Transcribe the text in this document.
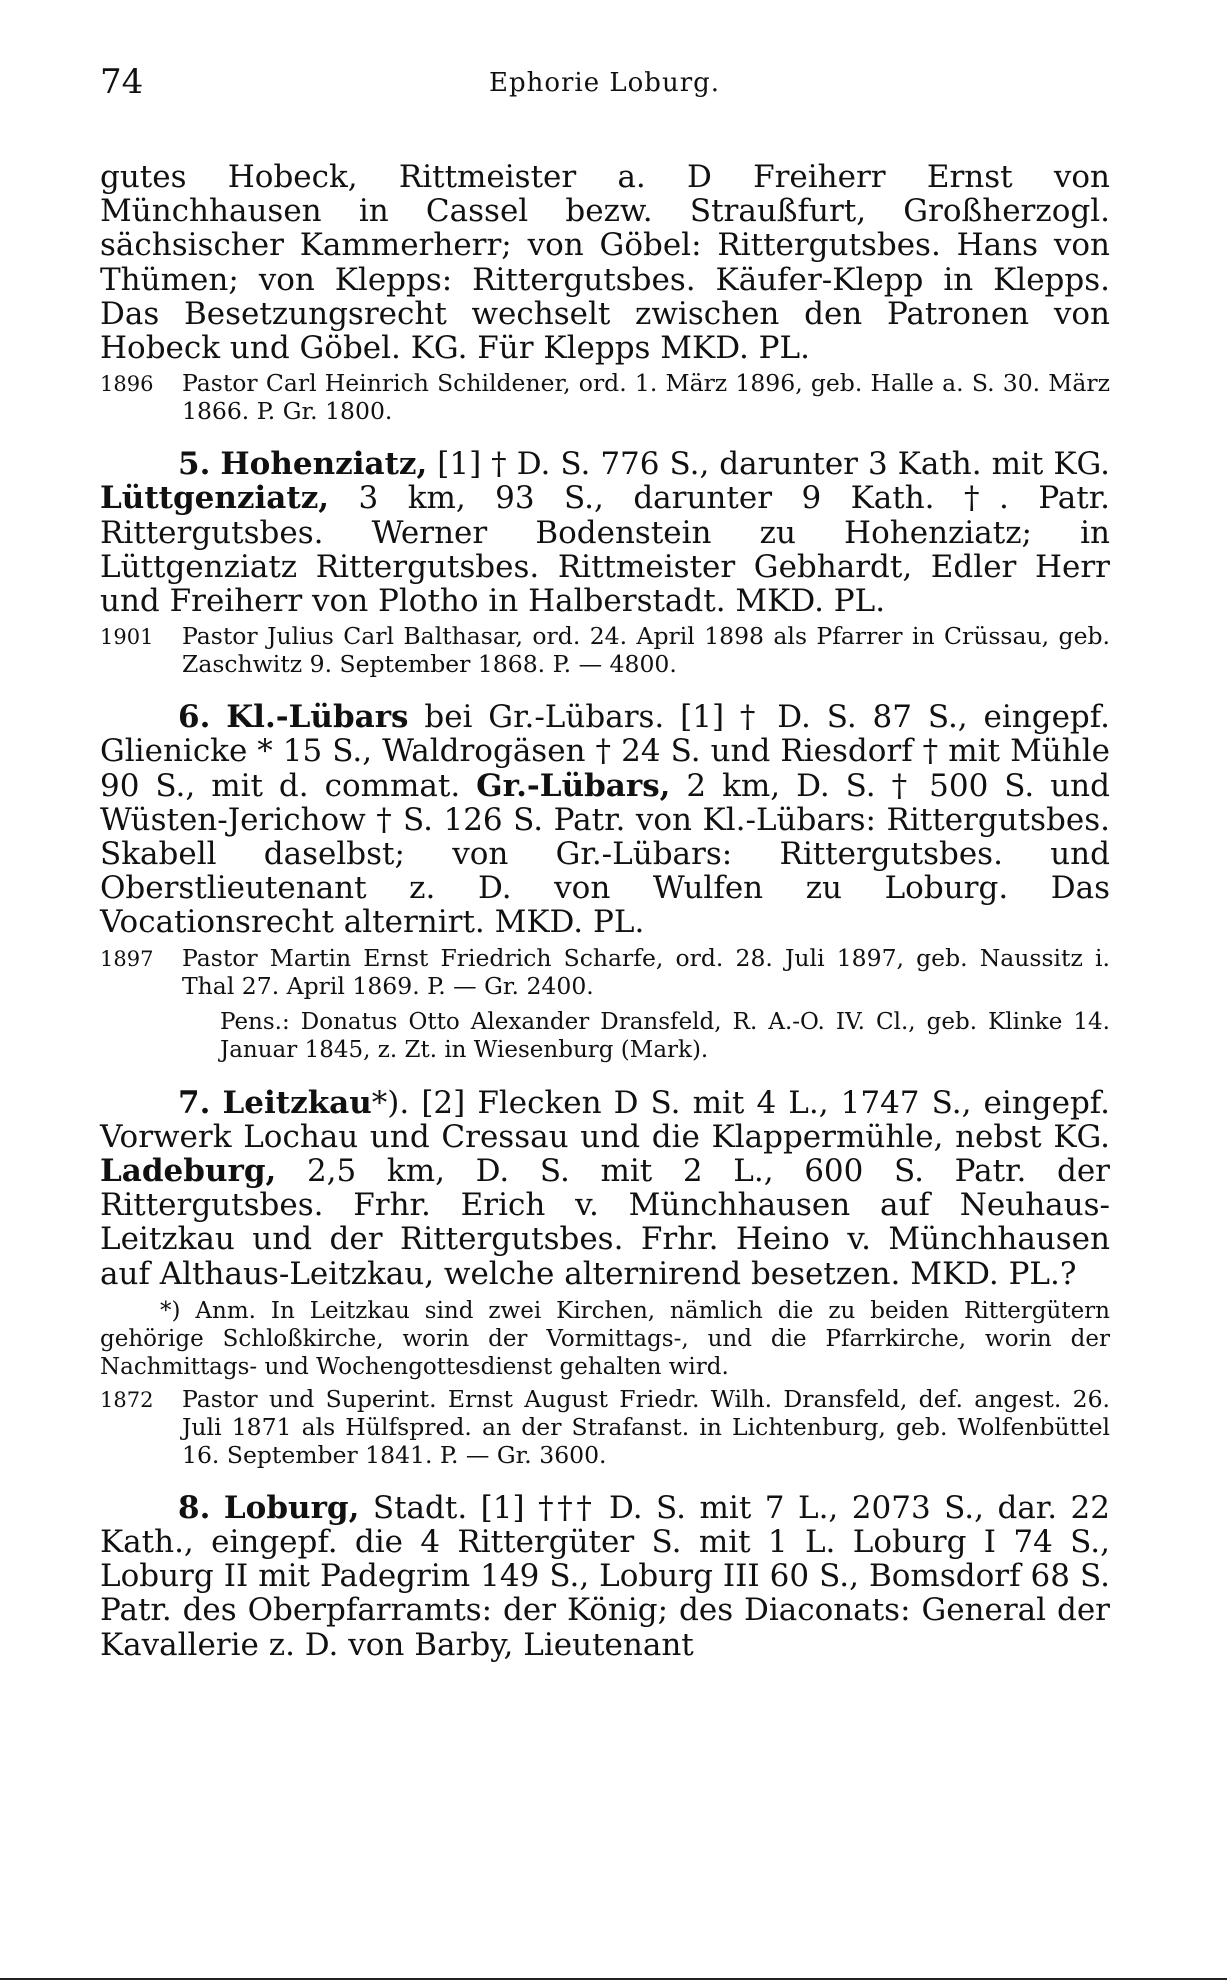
74	Ephorie Loburg.

gutes Hobeck, Rittmeister a. D Freiherr Ernst von Münchhausen in Cassel bezw. Straußfurt, Großherzogl. sächsischer Kammerherr; von Göbel: Rittergutsbes. Hans von Thümen; von Klepps: Rittergutsbes. Käufer-Klepp in Klepps. Das Besetzungsrecht wechselt zwischen den Patronen von Hobeck und Göbel. KG. Für Klepps MKD. PL.

1896	Pastor Carl Heinrich Schildener, ord. 1. März 1896, geb. Halle a. S. 30. März 1866. P. Gr. 1800.

5. Hohenziatz, [1] † D. S. 776 S., darunter 3 Kath. mit KG. Lüttgenziatz, 3 km, 93 S., darunter 9 Kath. †. Patr. Rittergutsbes. Werner Bodenstein zu Hohenziatz; in Lüttgenziatz Rittergutsbes. Rittmeister Gebhardt, Edler Herr und Freiherr von Plotho in Halberstadt. MKD. PL.

1901	Pastor Julius Carl Balthasar, ord. 24. April 1898 als Pfarrer in Crüssau, geb. Zaschwitz 9. September 1868. P. — 4800.

6. Kl.-Lübars bei Gr.-Lübars. [1] † D. S. 87 S., eingepf. Glienicke * 15 S., Waldrogäsen † 24 S. und Riesdorf † mit Mühle 90 S., mit d. commat. Gr.-Lübars, 2 km, D. S. † 500 S. und Wüsten-Jerichow † S. 126 S. Patr. von Kl.-Lübars: Rittergutsbes. Skabell daselbst; von Gr.-Lübars: Rittergutsbes. und Oberstlieutenant z. D. von Wulfen zu Loburg. Das Vocationsrecht alternirt. MKD. PL.

1897	Pastor Martin Ernst Friedrich Scharfe, ord. 28. Juli 1897, geb. Naussitz i. Thal 27. April 1869. P. — Gr. 2400.
Pens.: Donatus Otto Alexander Dransfeld, R. A.-O. IV. Cl., geb. Klinke 14. Januar 1845, z. Zt. in Wiesenburg (Mark).

7. Leitzkau*). [2] Flecken D S. mit 4 L., 1747 S., eingepf. Vorwerk Lochau und Cressau und die Klappermühle, nebst KG. Ladeburg, 2,5 km, D. S. mit 2 L., 600 S. Patr. der Rittergutsbes. Frhr. Erich v. Münchhausen auf Neuhaus-Leitzkau und der Rittergutsbes. Frhr. Heino v. Münchhausen auf Althaus-Leitzkau, welche alternirend besetzen. MKD. PL.?

*) Anm. In Leitzkau sind zwei Kirchen, nämlich die zu beiden Rittergütern gehörige Schloßkirche, worin der Vormittags-, und die Pfarrkirche, worin der Nachmittags- und Wochengottesdienst gehalten wird.
1872	Pastor und Superint. Ernst August Friedr. Wilh. Dransfeld, def. angest. 26. Juli 1871 als Hülfspred. an der Strafanst. in Lichtenburg, geb. Wolfenbüttel 16. September 1841. P. — Gr. 3600.

8. Loburg, Stadt. [1] ††† D. S. mit 7 L., 2073 S., dar. 22 Kath., eingepf. die 4 Rittergüter S. mit 1 L. Loburg I 74 S., Loburg II mit Padegrim 149 S., Loburg III 60 S., Bomsdorf 68 S. Patr. des Oberpfarramts: der König; des Diaconats: General der Kavallerie z. D. von Barby, Lieutenant
